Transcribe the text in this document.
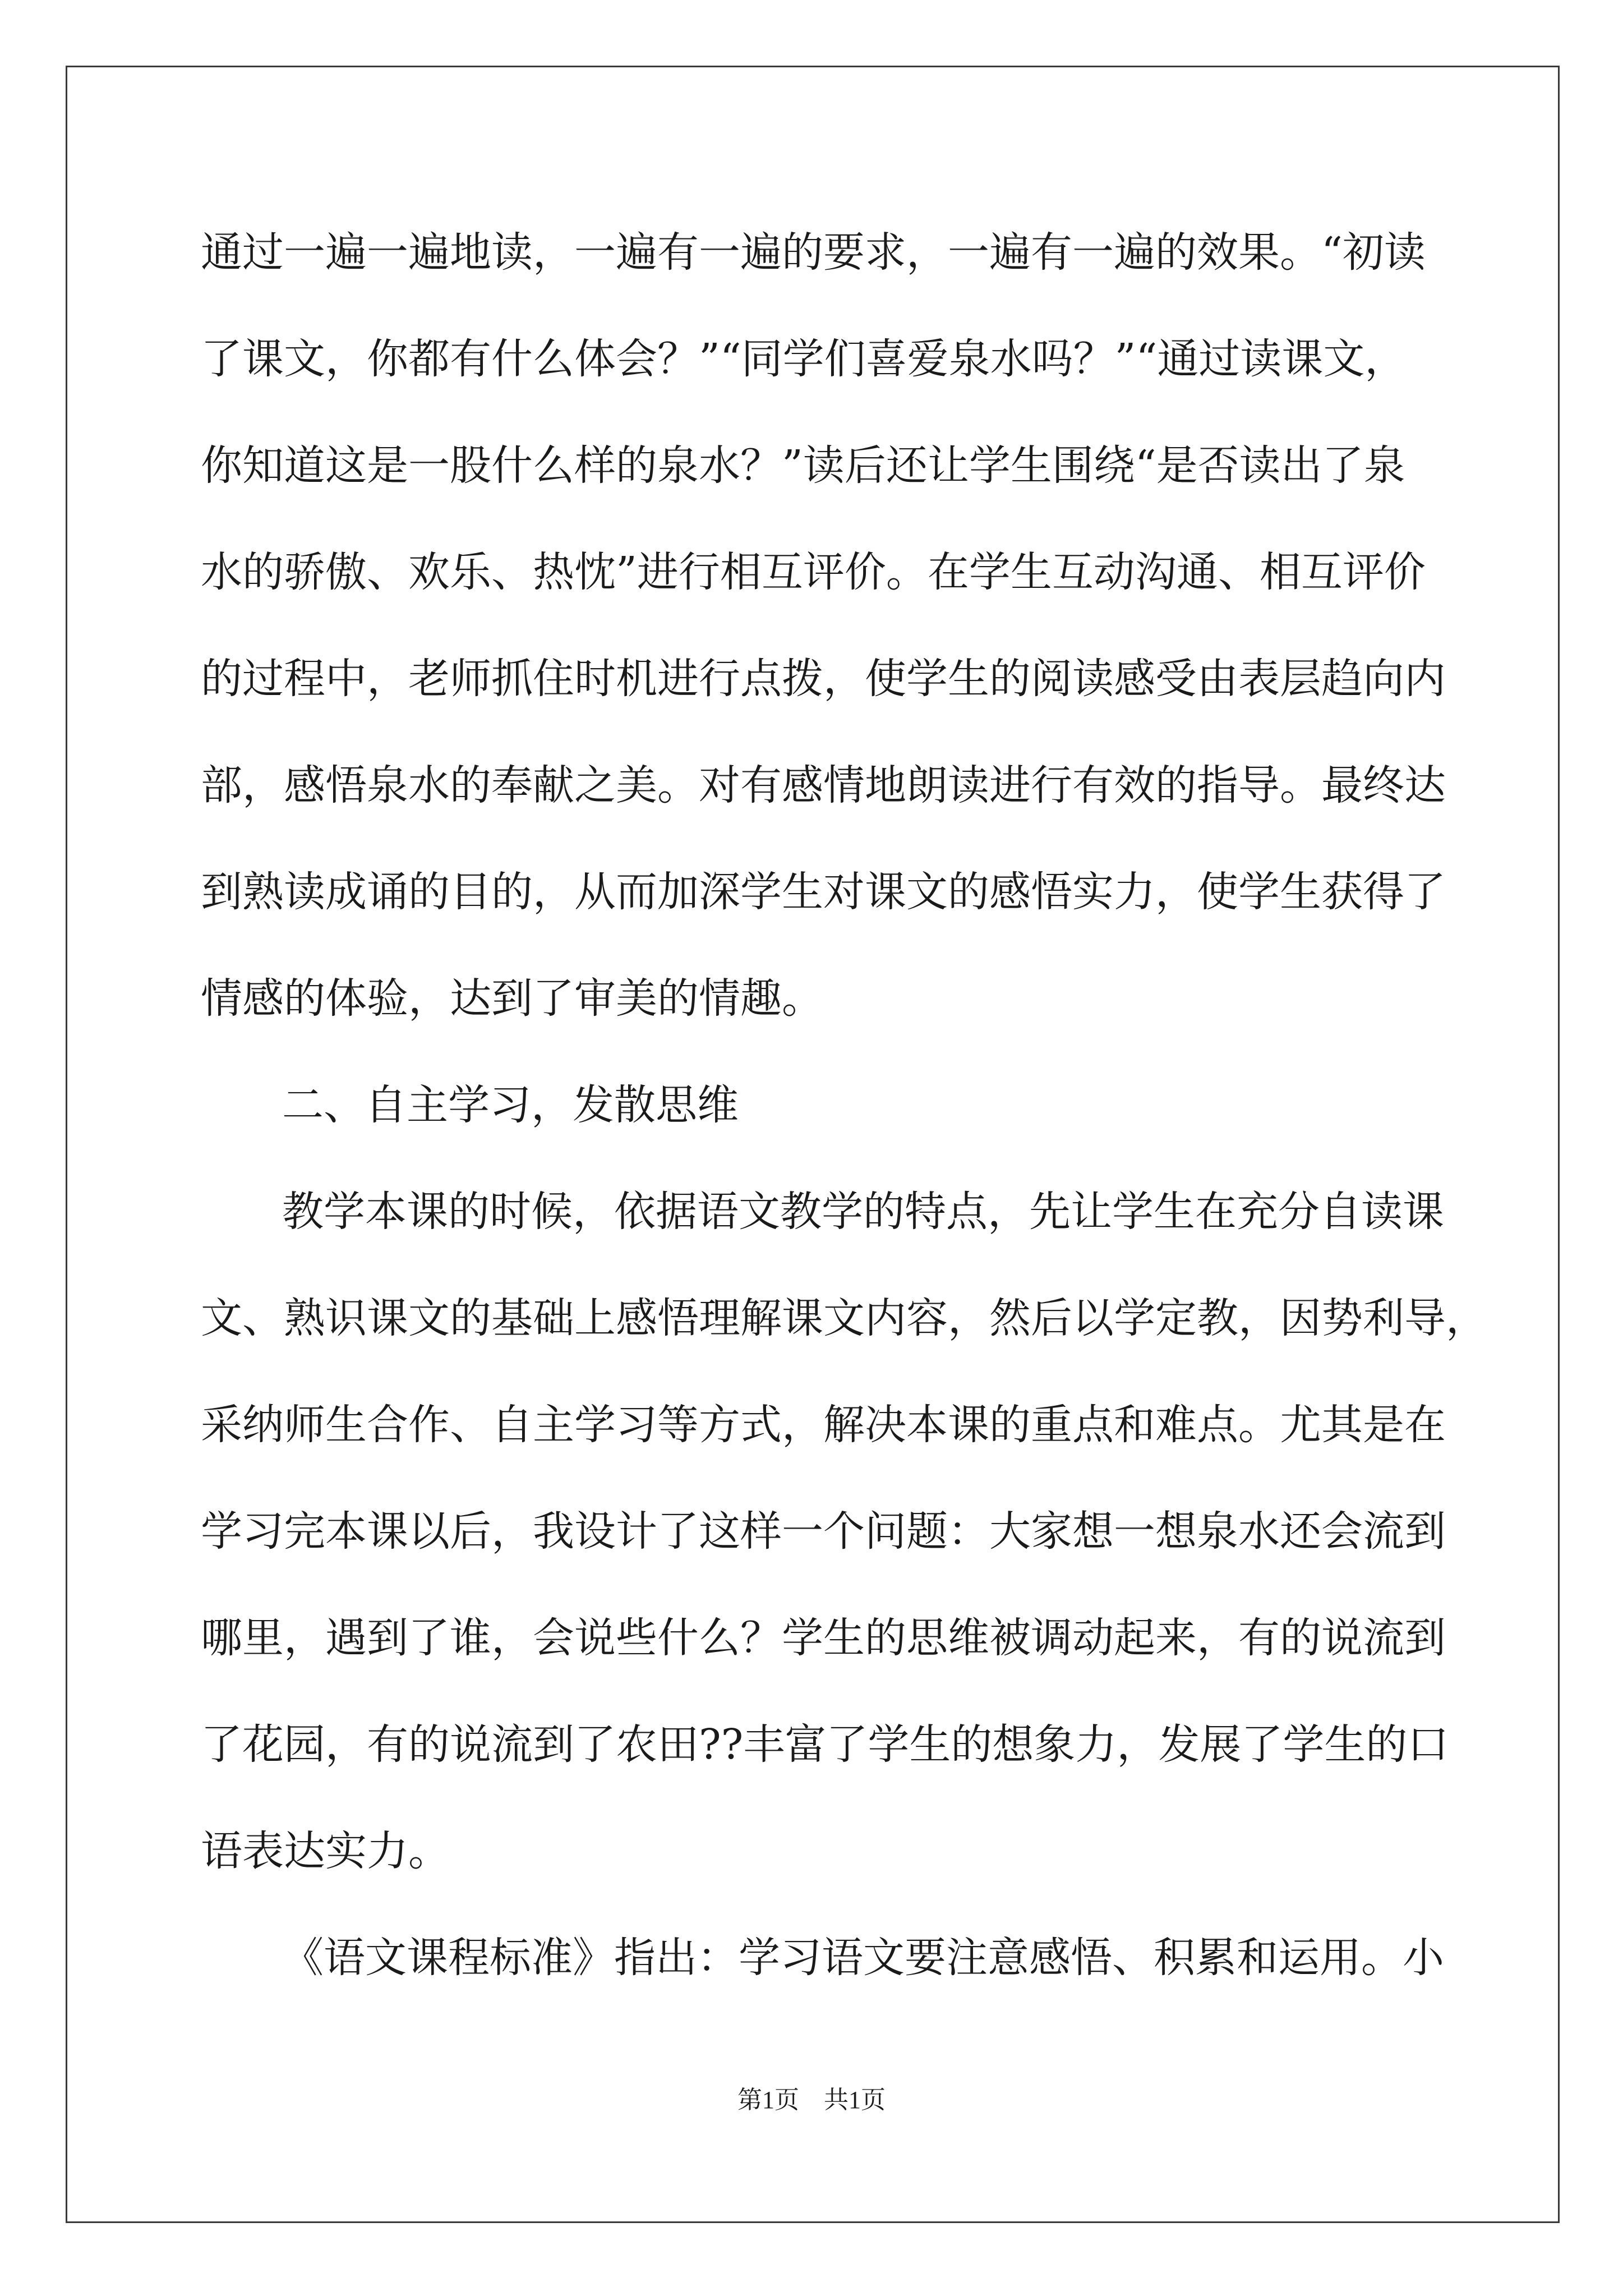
通过一遍一遍地读，一遍有一遍的要求，一遍有一遍的效果。“初读
了课文，你都有什么体会？”“同学们喜爱泉水吗？”“通过读课文，
你知道这是一股什么样的泉水？”读后还让学生围绕“是否读出了泉
水的骄傲、欢乐、热忱”进行相互评价。在学生互动沟通、相互评价
的过程中，老师抓住时机进行点拨，使学生的阅读感受由表层趋向内
部，感悟泉水的奉献之美。对有感情地朗读进行有效的指导。最终达
到熟读成诵的目的，从而加深学生对课文的感悟实力，使学生获得了
情感的体验，达到了审美的情趣。
二、自主学习，发散思维
教学本课的时候，依据语文教学的特点，先让学生在充分自读课
文、熟识课文的基础上感悟理解课文内容，然后以学定教，因势利导，
采纳师生合作、自主学习等方式，解决本课的重点和难点。尤其是在
学习完本课以后，我设计了这样一个问题：大家想一想泉水还会流到
哪里，遇到了谁，会说些什么？学生的思维被调动起来，有的说流到
了花园，有的说流到了农田??丰富了学生的想象力，发展了学生的口
语表达实力。
《语文课程标准》指出：学习语文要注意感悟、积累和运用。小
第1页　共1页
